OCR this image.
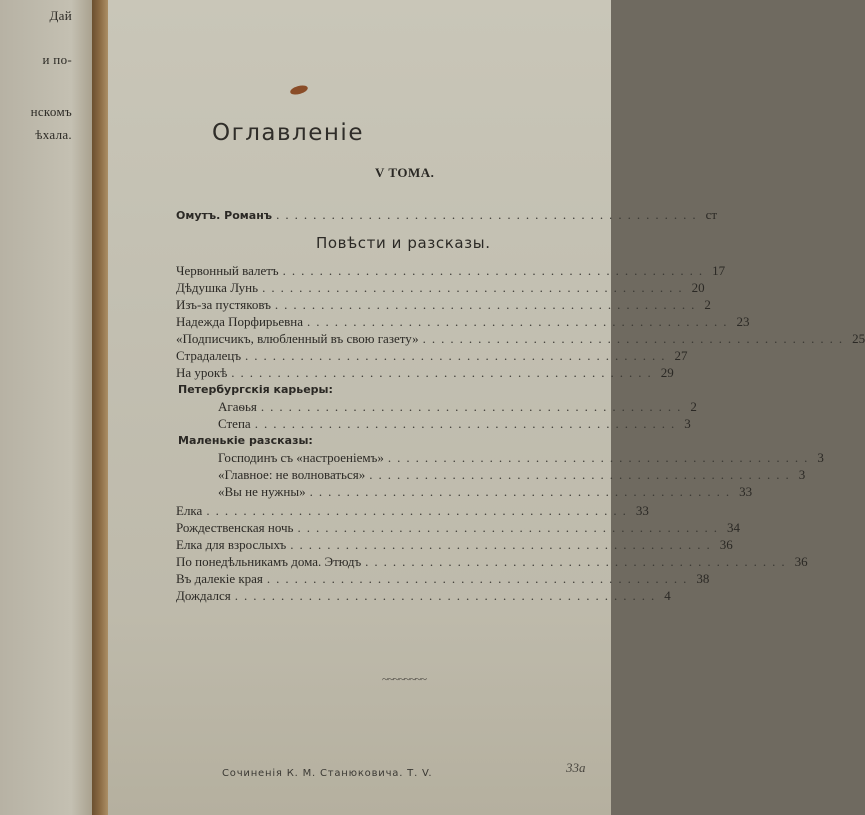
Дай
и по-
нскомъ
ѣхала.	Оглавленіе
V ТОМА.
Омутъ. Романъ .............................................. ст
Повѣсти и разсказы.
Червонный валетъ .............................................. 17
Дѣдушка Лунь .............................................. 20
Изъ-за пустяковъ .............................................. 2
Надежда Порфирьевна .............................................. 23
«Подписчикъ, влюбленный въ свою газету» .............................................. 25
Страдалецъ .............................................. 27
На урокѣ .............................................. 29
Петербургскія карьеры:
Агаѳья .............................................. 2
Степа .............................................. 3
Маленькіе разсказы:
Господинъ съ «настроеніемъ» .............................................. 3
«Главное: не волноваться» .............................................. 3
«Вы не нужны» .............................................. 33
Елка .............................................. 33
Рождественская ночь .............................................. 34
Елка для взрослыхъ .............................................. 36
По понедѣльникамъ дома. Этюдъ .............................................. 36
Въ далекіе края .............................................. 38
Дождался .............................................. 4
~~~~~~~~
Сочиненія К. М. Станюковича. Т. V.	33a
